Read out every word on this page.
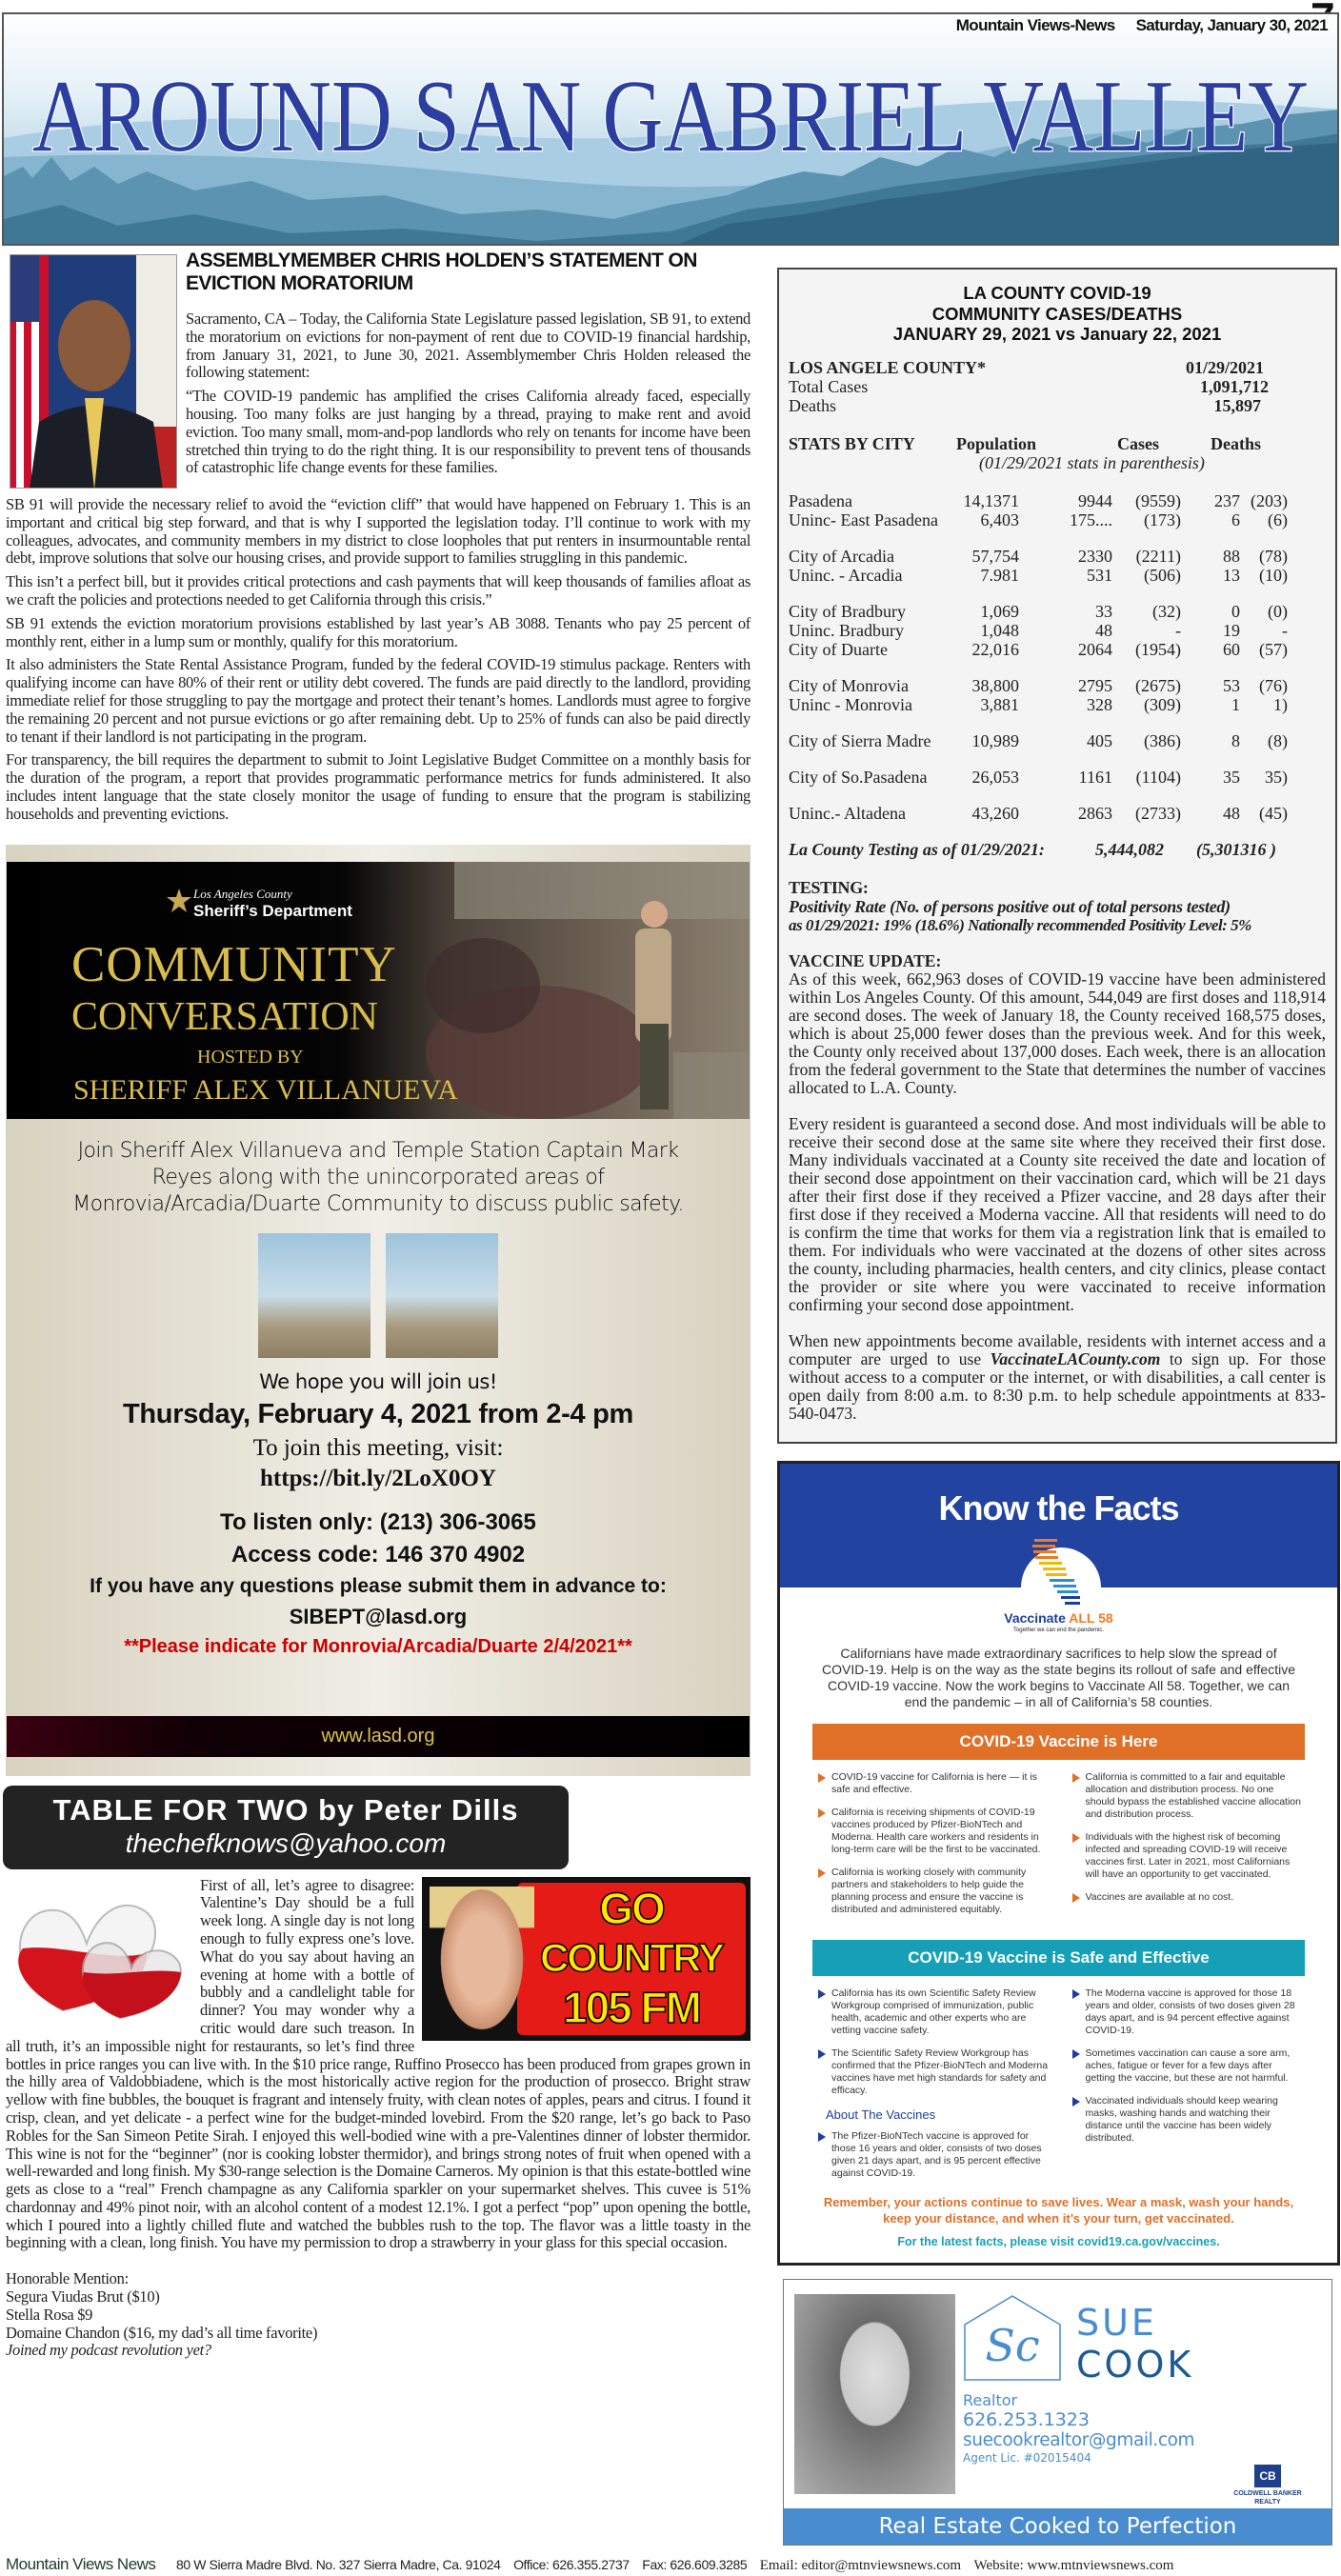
AROUND SAN GABRIEL VALLEY
Mountain Views-News Saturday, January 30, 2021
ASSEMBLYMEMBER CHRIS HOLDEN’S STATEMENT ON EVICTION MORATORIUM

Sacramento, CA – Today, the California State Legislature passed legislation, SB 91, to extend the moratorium on evictions for non-payment of rent due to COVID-19 financial hardship, from January 31, 2021, to June 30, 2021. Assemblymember Chris Holden released the following statement:

“The COVID-19 pandemic has amplified the crises California already faced, especially housing. Too many folks are just hanging by a thread, praying to make rent and avoid eviction. Too many small, mom-and-pop landlords who rely on tenants for income have been stretched thin trying to do the right thing. It is our responsibility to prevent tens of thousands of catastrophic life change events for these families.

SB 91 will provide the necessary relief to avoid the “eviction cliff” that would have happened on February 1. This is an important and critical big step forward, and that is why I supported the legislation today. I’ll continue to work with my colleagues, advocates, and community members in my district to close loopholes that put renters in insurmountable rental debt, improve solutions that solve our housing crises, and provide support to families struggling in this pandemic.

This isn’t a perfect bill, but it provides critical protections and cash payments that will keep thousands of families afloat as we craft the policies and protections needed to get California through this crisis.”

SB 91 extends the eviction moratorium provisions established by last year’s AB 3088. Tenants who pay 25 percent of monthly rent, either in a lump sum or monthly, qualify for this moratorium.

It also administers the State Rental Assistance Program, funded by the federal COVID-19 stimulus package. Renters with qualifying income can have 80% of their rent or utility debt covered. The funds are paid directly to the landlord, providing immediate relief for those struggling to pay the mortgage and protect their tenant’s homes. Landlords must agree to forgive the remaining 20 percent and not pursue evictions or go after remaining debt. Up to 25% of funds can also be paid directly to tenant if their landlord is not participating in the program.

For transparency, the bill requires the department to submit to Joint Legislative Budget Committee on a monthly basis for the duration of the program, a report that provides programmatic performance metrics for funds administered. It also includes intent language that the state closely monitor the usage of funding to ensure that the program is stabilizing households and preventing evictions.

Los Angeles County
Sheriff’s Department
COMMUNITY
CONVERSATION
HOSTED BY
SHERIFF ALEX VILLANUEVA
Join Sheriff Alex Villanueva and Temple Station Captain Mark Reyes along with the unincorporated areas of Monrovia/Arcadia/Duarte Community to discuss public safety.
We hope you will join us!
Thursday, February 4, 2021 from 2-4 pm
To join this meeting, visit:
https://bit.ly/2LoX0OY
To listen only: (213) 306-3065
Access code: 146 370 4902
If you have any questions please submit them in advance to:
SIBEPT@lasd.org
**Please indicate for Monrovia/Arcadia/Duarte 2/4/2021**
www.lasd.org
TABLE FOR TWO by Peter Dills
thechefknows@yahoo.com
GO
COUNTRY
105 FM

First of all, let’s agree to disagree: Valentine’s Day should be a full week long. A single day is not long enough to fully express one’s love. What do you say about having an evening at home with a bottle of bubbly and a candlelight table for dinner? You may wonder why a critic would dare such treason. In all truth, it’s an impossible night for restaurants, so let’s find three bottles in price ranges you can live with. In the $10 price range, Ruffino Prosecco has been produced from grapes grown in the hilly area of Valdobbiadene, which is the most historically active region for the production of prosecco. Bright straw yellow with fine bubbles, the bouquet is fragrant and intensely fruity, with clean notes of apples, pears and citrus. I found it crisp, clean, and yet delicate - a perfect wine for the budget-minded lovebird. From the $20 range, let’s go back to Paso Robles for the San Simeon Petite Sirah. I enjoyed this well-bodied wine with a pre-Valentines dinner of lobster thermidor. This wine is not for the “beginner” (nor is cooking lobster thermidor), and brings strong notes of fruit when opened with a well-rewarded and long finish. My $30-range selection is the Domaine Carneros. My opinion is that this estate-bottled wine gets as close to a “real” French champagne as any California sparkler on your supermarket shelves. This cuvee is 51% chardonnay and 49% pinot noir, with an alcohol content of a modest 12.1%. I got a perfect “pop” upon opening the bottle, which I poured into a lightly chilled flute and watched the bubbles rush to the top. The flavor was a little toasty in the beginning with a clean, long finish. You have my permission to drop a strawberry in your glass for this special occasion.

Honorable Mention:
Segura Viudas Brut ($10)
Stella Rosa $9
Domaine Chandon ($16, my dad’s all time favorite)
Joined my podcast revolution yet?
LA COUNTY COVID-19
COMMUNITY CASES/DEATHS
JANUARY 29, 2021 vs January 22, 2021
LOS ANGELE COUNTY*	01/29/2021
Total Cases	1,091,712
Deaths	15,897
STATS BY CITY Population	Cases	Deaths
(01/29/2021 stats in parenthesis)
Pasadena	14,1371	9944	(9559)	237 (203)
Uninc- East Pasadena	6,403	175....	(173)	6	(6)
City of Arcadia	57,754	2330	(2211)	88	(78)
Uninc. - Arcadia	7.981	531	(506)	13	(10)
City of Bradbury	1,069	33	(32)	0	(0)
Uninc. Bradbury	1,048	48	-	19	-
City of Duarte	22,016	2064	(1954)	60	(57)
City of Monrovia	38,800	2795	(2675)	53	(76)
Uninc - Monrovia	3,881	328	(309)	1	1)
City of Sierra Madre	10,989	405	(386)	8	(8)
City of So.Pasadena	26,053	1161	(1104)	35	35)
Uninc.- Altadena	43,260	2863	(2733)	48	(45)
La County Testing as of 01/29/2021:	5,444,082 (5,301316 )
TESTING:
Positivity Rate (No. of persons positive out of total persons tested)
as 01/29/2021: 19% (18.6%) Nationally recommended Positivity Level: 5%
VACCINE UPDATE:

As of this week, 662,963 doses of COVID-19 vaccine have been administered within Los Angeles County. Of this amount, 544,049 are first doses and 118,914 are second doses. The week of January 18, the County received 168,575 doses, which is about 25,000 fewer doses than the previous week. And for this week, the County only received about 137,000 doses. Each week, there is an allocation from the federal government to the State that determines the number of vaccines allocated to L.A. County.

Every resident is guaranteed a second dose. And most individuals will be able to receive their second dose at the same site where they received their first dose. Many individuals vaccinated at a County site received the date and location of their second dose appointment on their vaccination card, which will be 21 days after their first dose if they received a Pfizer vaccine, and 28 days after their first dose if they received a Moderna vaccine. All that residents will need to do is confirm the time that works for them via a registration link that is emailed to them. For individuals who were vaccinated at the dozens of other sites across the county, including pharmacies, health centers, and city clinics, please contact the provider or site where you were vaccinated to receive information confirming your second dose appointment.

When new appointments become available, residents with internet access and a computer are urged to use VaccinateLACounty.com to sign up. For those without access to a computer or the internet, or with disabilities, a call center is open daily from 8:00 a.m. to 8:30 p.m. to help schedule appointments at 833-540-0473.

Know the Facts
Vaccinate ALL 58
Together we can end the pandemic.
Californians have made extraordinary sacrifices to help slow the spread of COVID-19. Help is on the way as the state begins its rollout of safe and effective COVID-19 vaccine. Now the work begins to Vaccinate All 58. Together, we can end the pandemic – in all of California’s 58 counties.
COVID-19 Vaccine is Here
COVID-19 vaccine for California is here — it is safe and effective.
California is receiving shipments of COVID-19 vaccines produced by Pfizer-BioNTech and Moderna. Health care workers and residents in long-term care will be the first to be vaccinated.
California is working closely with community partners and stakeholders to help guide the planning process and ensure the vaccine is distributed and administered equitably.
California is committed to a fair and equitable allocation and distribution process. No one should bypass the established vaccine allocation and distribution process.
Individuals with the highest risk of becoming infected and spreading COVID-19 will receive vaccines first. Later in 2021, most Californians will have an opportunity to get vaccinated.
Vaccines are available at no cost.
COVID-19 Vaccine is Safe and Effective
California has its own Scientific Safety Review Workgroup comprised of immunization, public health, academic and other experts who are vetting vaccine safety.
The Scientific Safety Review Workgroup has confirmed that the Pfizer-BioNTech and Moderna vaccines have met high standards for safety and efficacy.
About The Vaccines
The Pfizer-BioNTech vaccine is approved for those 16 years and older, consists of two doses given 21 days apart, and is 95 percent effective against COVID-19.
The Moderna vaccine is approved for those 18 years and older, consists of two doses given 28 days apart, and is 94 percent effective against COVID-19.
Sometimes vaccination can cause a sore arm, aches, fatigue or fever for a few days after getting the vaccine, but these are not harmful.
Vaccinated individuals should keep wearing masks, washing hands and watching their distance until the vaccine has been widely distributed.
Remember, your actions continue to save lives. Wear a mask, wash your hands, keep your distance, and when it’s your turn, get vaccinated.
For the latest facts, please visit covid19.ca.gov/vaccines.
Sc SUE
COOK
Realtor
626.253.1323
suecookrealtor@gmail.com
Agent Lic. #02015404
CB
COLDWELL BANKER
REALTY
Real Estate Cooked to Perfection
Mountain Views News 80 W Sierra Madre Blvd. No. 327 Sierra Madre, Ca. 91024 Office: 626.355.2737 Fax: 626.609.3285 Email: editor@mtnviewsnews.com Website: www.mtnviewsnews.com
